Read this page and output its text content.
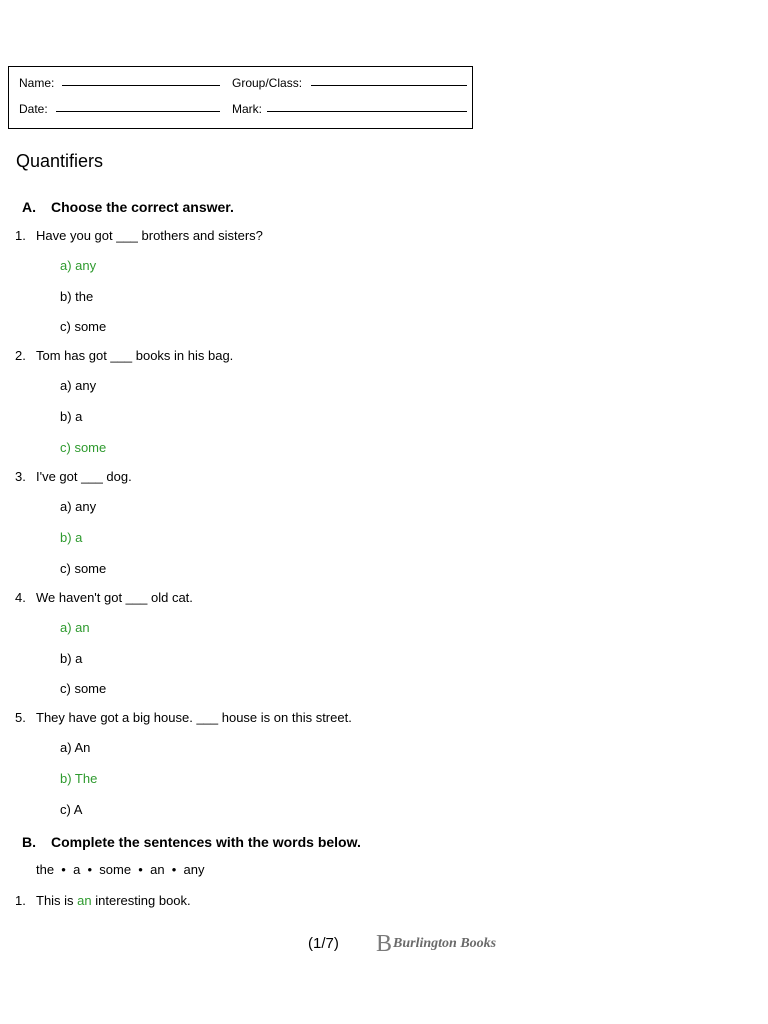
Name:	Group/Class:
Date:	Mark:
Quantifiers
A. Choose the correct answer.
1. Have you got ___ brothers and sisters?
a) any
b) the
c) some
2. Tom has got ___ books in his bag.
a) any
b) a
c) some
3. I've got ___ dog.
a) any
b) a
c) some
4. We haven't got ___ old cat.
a) an
b) a
c) some
5. They have got a big house. ___ house is on this street.
a) An
b) The
c) A
B. Complete the sentences with the words below.
the  •  a  •  some  •  an  •  any
1. This is an interesting book.
(1/7) B Burlington Books
